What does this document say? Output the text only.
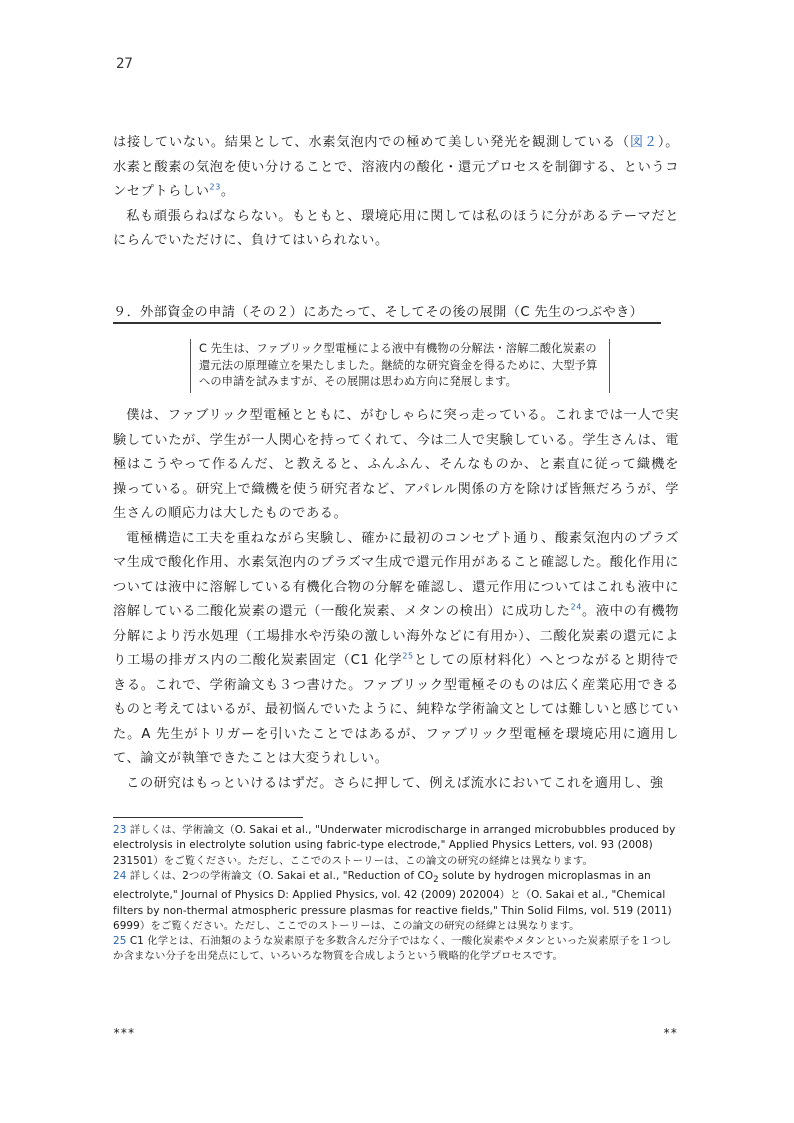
27

は接していない。結果として、水素気泡内での極めて美しい発光を観測している（図２）。水素と酸素の気泡を使い分けることで、溶液内の酸化・還元プロセスを制御する、というコンセプトらしい$^{23}$。

私も頑張らねばならない。もともと、環境応用に関しては私のほうに分があるテーマだとにらんでいただけに、負けてはいられない。

９．外部資金の申請（その２）にあたって、そしてその後の展開（C 先生のつぶやき）
C 先生は、ファブリック型電極による液中有機物の分解法・溶解二酸化炭素の還元法の原理確立を果たしました。継続的な研究資金を得るために、大型予算への申請を試みますが、その展開は思わぬ方向に発展します。

僕は、ファブリック型電極とともに、がむしゃらに突っ走っている。これまでは一人で実験していたが、学生が一人関心を持ってくれて、今は二人で実験している。学生さんは、電極はこうやって作るんだ、と教えると、ふんふん、そんなものか、と素直に従って織機を操っている。研究上で織機を使う研究者など、アパレル関係の方を除けば皆無だろうが、学生さんの順応力は大したものである。

電極構造に工夫を重ねながら実験し、確かに最初のコンセプト通り、酸素気泡内のプラズマ生成で酸化作用、水素気泡内のプラズマ生成で還元作用があること確認した。酸化作用については液中に溶解している有機化合物の分解を確認し、還元作用についてはこれも液中に溶解している二酸化炭素の還元（一酸化炭素、メタンの検出）に成功した$^{24}$。液中の有機物分解により汚水処理（工場排水や汚染の激しい海外などに有用か）、二酸化炭素の還元により工場の排ガス内の二酸化炭素固定（C1 化学$^{25}$としての原材料化）へとつながると期待できる。これで、学術論文も３つ書けた。ファブリック型電極そのものは広く産業応用できるものと考えてはいるが、最初悩んでいたように、純粋な学術論文としては難しいと感じていた。A 先生がトリガーを引いたことではあるが、ファブリック型電極を環境応用に適用して、論文が執筆できたことは大変うれしい。

この研究はもっといけるはずだ。さらに押して、例えば流水においてこれを適用し、強

23 詳しくは、学術論文（O. Sakai et al., "Underwater microdischarge in arranged microbubbles produced by electrolysis in electrolyte solution using fabric-type electrode," Applied Physics Letters, vol. 93 (2008) 231501）をご覧ください。ただし、ここでのストーリーは、この論文の研究の経緯とは異なります。

24 詳しくは、2つの学術論文（O. Sakai et al., "Reduction of $CO_2$ solute by hydrogen microplasmas in an electrolyte," Journal of Physics D: Applied Physics, vol. 42 (2009) 202004）と（O. Sakai et al., "Chemical filters by non-thermal atmospheric pressure plasmas for reactive fields," Thin Solid Films, vol. 519 (2011) 6999）をご覧ください。ただし、ここでのストーリーは、この論文の研究の経緯とは異なります。

25 C1 化学とは、石油類のような炭素原子を多数含んだ分子ではなく、一酸化炭素やメタンといった炭素原子を１つしか含まない分子を出発点にして、いろいろな物質を合成しようという戦略的化学プロセスです。

***	**
